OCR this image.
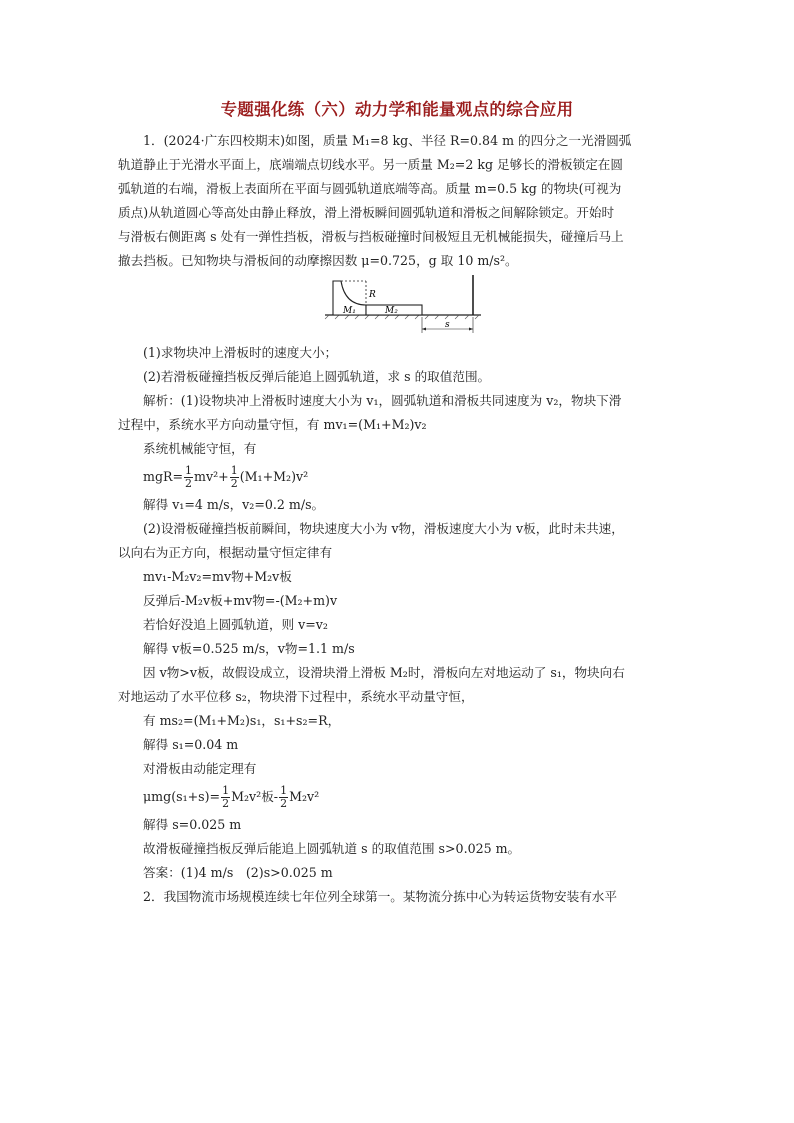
专题强化练（六）动力学和能量观点的综合应用
1．(2024·广东四校期末)如图，质量 M₁=8 kg、半径 R=0.84 m 的四分之一光滑圆弧
轨道静止于光滑水平面上，底端端点切线水平。另一质量 M₂=2 kg 足够长的滑板锁定在圆
弧轨道的右端，滑板上表面所在平面与圆弧轨道底端等高。质量 m=0.5 kg 的物块(可视为
质点)从轨道圆心等高处由静止释放，滑上滑板瞬间圆弧轨道和滑板之间解除锁定。开始时
与滑板右侧距离 s 处有一弹性挡板，滑板与挡板碰撞时间极短且无机械能损失，碰撞后马上
撤去挡板。已知物块与滑板间的动摩擦因数 μ=0.725，g 取 10 m/s²。
R
M₁	M₂
s
(1)求物块冲上滑板时的速度大小；
(2)若滑板碰撞挡板反弹后能追上圆弧轨道，求 s 的取值范围。
解析：(1)设物块冲上滑板时速度大小为 v₁，圆弧轨道和滑板共同速度为 v₂，物块下滑
过程中，系统水平方向动量守恒，有 mv₁=(M₁+M₂)v₂
系统机械能守恒，有
$mgR= \frac{1}{2} mv^2+ \frac{1}{2} (M_1+M_2)v^2$
解得 v₁=4 m/s，v₂=0.2 m/s。
(2)设滑板碰撞挡板前瞬间，物块速度大小为 v物，滑板速度大小为 v板，此时未共速，
以向右为正方向，根据动量守恒定律有
mv₁-M₂v₂=mv物+M₂v板
反弹后-M₂v板+mv物=-(M₂+m)v
若恰好没追上圆弧轨道，则 v=v₂
解得 v板=0.525 m/s，v物=1.1 m/s
因 v物>v板，故假设成立，设滑块滑上滑板 M₂时，滑板向左对地运动了 s₁，物块向右
对地运动了水平位移 s₂，物块滑下过程中，系统水平动量守恒，
有 ms₂=(M₁+M₂)s₁，s₁+s₂=R，
解得 s₁=0.04 m
对滑板由动能定理有
$\mu mg(s_1+s)= \frac{1}{2} M_2v^2$板- $\frac{1}{2} M_2v^2$
解得 s=0.025 m
故滑板碰撞挡板反弹后能追上圆弧轨道 s 的取值范围 s>0.025 m。
答案：(1)4 m/s　(2)s>0.025 m
2．我国物流市场规模连续七年位列全球第一。某物流分拣中心为转运货物安装有水平
